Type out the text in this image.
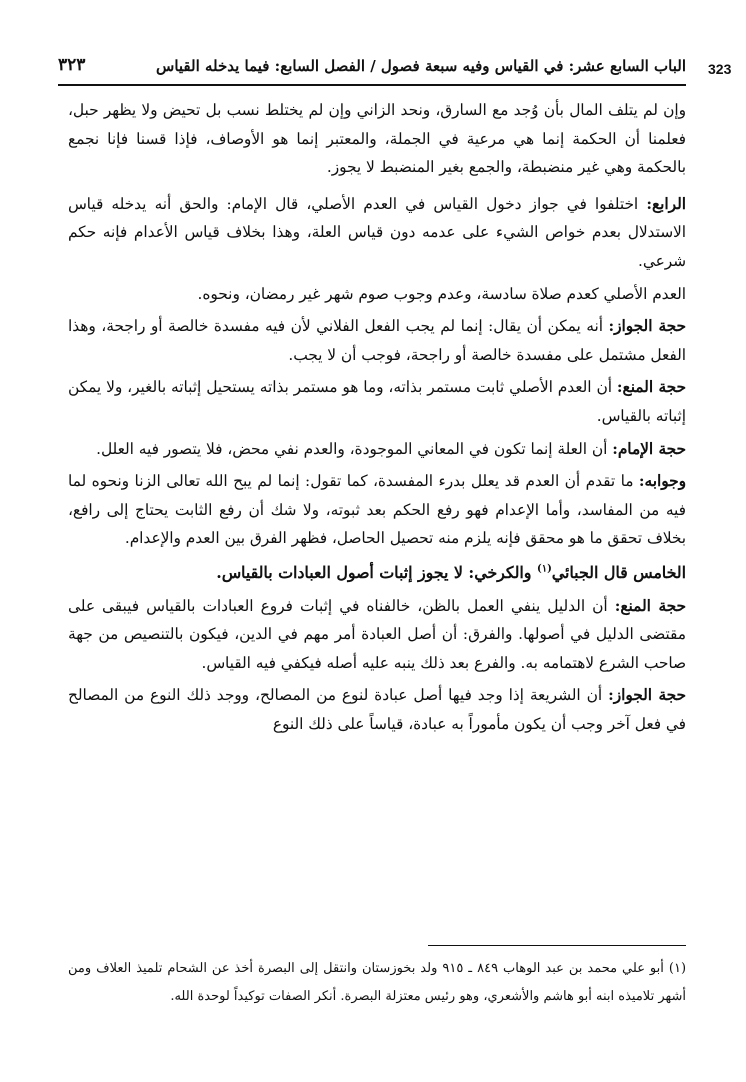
الباب السابع عشر: في القياس وفيه سبعة فصول / الفصل السابع: فيما يدخله القياس
٣٢٣	323

وإن لم يتلف المال بأن وُجد مع السارق، ونحد الزاني وإن لم يختلط نسب بل تحيض ولا يظهر حبل، فعلمنا أن الحكمة إنما هي مرعية في الجملة، والمعتبر إنما هو الأوصاف، فإذا قسنا فإنا نجمع بالحكمة وهي غير منضبطة، والجمع بغير المنضبط لا يجوز.

الرابع: اختلفوا في جواز دخول القياس في العدم الأصلي، قال الإمام: والحق أنه يدخله قياس الاستدلال بعدم خواص الشيء على عدمه دون قياس العلة، وهذا بخلاف قياس الأعدام فإنه حكم شرعي.

العدم الأصلي كعدم صلاة سادسة، وعدم وجوب صوم شهر غير رمضان، ونحوه.

حجة الجواز: أنه يمكن أن يقال: إنما لم يجب الفعل الفلاني لأن فيه مفسدة خالصة أو راجحة، وهذا الفعل مشتمل على مفسدة خالصة أو راجحة، فوجب أن لا يجب.

حجة المنع: أن العدم الأصلي ثابت مستمر بذاته، وما هو مستمر بذاته يستحيل إثباته بالغير، ولا يمكن إثباته بالقياس.

حجة الإمام: أن العلة إنما تكون في المعاني الموجودة، والعدم نفي محض، فلا يتصور فيه العلل.

وجوابه: ما تقدم أن العدم قد يعلل بدرء المفسدة، كما تقول: إنما لم يبح الله تعالى الزنا ونحوه لما فيه من المفاسد، وأما الإعدام فهو رفع الحكم بعد ثبوته، ولا شك أن رفع الثابت يحتاج إلى رافع، بخلاف تحقق ما هو محقق فإنه يلزم منه تحصيل الحاصل، فظهر الفرق بين العدم والإعدام.

الخامس قال الجبائي$^{(١)}$ والكرخي: لا يجوز إثبات أصول العبادات بالقياس.

حجة المنع: أن الدليل ينفي العمل بالظن، خالفناه في إثبات فروع العبادات بالقياس فيبقى على مقتضى الدليل في أصولها. والفرق: أن أصل العبادة أمر مهم في الدين، فيكون بالتنصيص من جهة صاحب الشرع لاهتمامه به. والفرع بعد ذلك ينبه عليه أصله فيكفي فيه القياس.

حجة الجواز: أن الشريعة إذا وجد فيها أصل عبادة لنوع من المصالح، ووجد ذلك النوع من المصالح في فعل آخر وجب أن يكون مأموراً به عبادة، قياساً على ذلك النوع

(١) أبو علي محمد بن عبد الوهاب ٨٤٩ ـ ٩١٥ ولد بخوزستان وانتقل إلى البصرة أخذ عن الشحام تلميذ العلاف ومن أشهر تلاميذه ابنه أبو هاشم والأشعري، وهو رئيس معتزلة البصرة. أنكر الصفات توكيداً لوحدة الله.
